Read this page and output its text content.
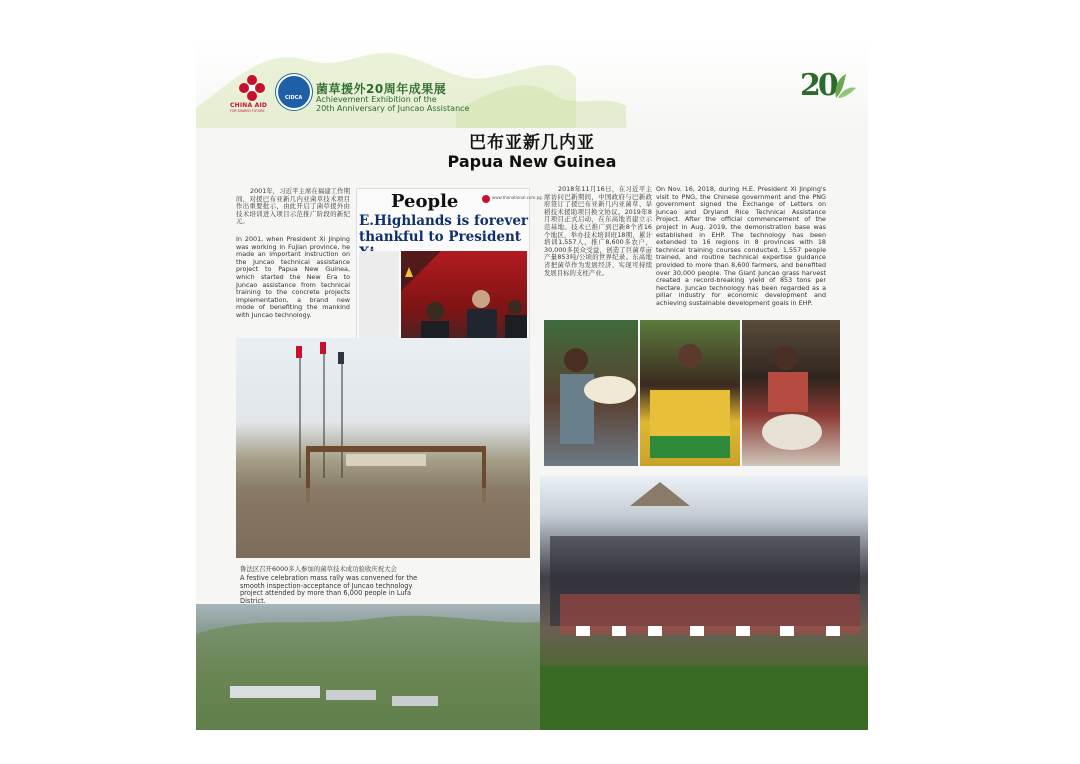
CHINA AID
FOR SHARED FUTURE
CIDCA
菌草援外20周年成果展
Achievement Exhibition of the
20th Anniversary of Juncao Assistance
20
巴布亚新几内亚
Papua New Guinea
2001年，习近平主席在福建工作期间，对援巴布亚新几内亚菌草技术项目作出重要批示，由此开启了菌草援外由技术培训进入项目示范推广阶段的新纪元。
In 2001, when President Xi Jinping was working in Fujian province, he made an important instruction on the Juncao technical assistance project to Papua New Guinea, which started the New Era to Juncao assistance from technical training to the concrete projects implementation, a brand new mode of benefiting the mankind with Juncao technology.
People	www.thenational.com.pg
E.Highlands is forever
thankful to President
2018年11月16日，在习近平主席访问巴新期间，中国政府与巴新政府签订了援巴布亚新几内亚菌草、旱稻技术援助项目换文协议。2019年8月项目正式启动，在东高地省建立示范基地。技术已推广到巴新8个省16个地区，举办技术培训班18期，累计培训1,557人，推广8,600多农户，30,000多民众受益，创造了巨菌草亩产量853吨/公顷的世界纪录。东高地省把菌草作为发展经济、实现可持续发展目标的支柱产业。
On Nov. 16, 2018, during H.E. President Xi Jinping's visit to PNG, the Chinese government and the PNG government signed the Exchange of Letters on Juncao and Dryland Rice Technical Assistance Project. After the official commencement of the project in Aug. 2019, the demonstration base was established in EHP. The technology has been extended to 16 regions in 8 provinces with 18 technical training courses conducted, 1,557 people trained, and routine technical expertise guidance provided to more than 8,600 farmers, and benefited over 30,000 people. The Giant Juncao grass harvest created a record-breaking yield of 853 tons per hectare. Juncao technology has been regarded as a pillar industry for economic development and achieving sustainable development goals in EHP.
鲁法区召开6000多人参加的菌草技术成功验收庆祝大会
A festive celebration mass rally was convened for the smooth inspection-acceptance of Juncao technology project attended by more than 6,000 people in Lufa District.
